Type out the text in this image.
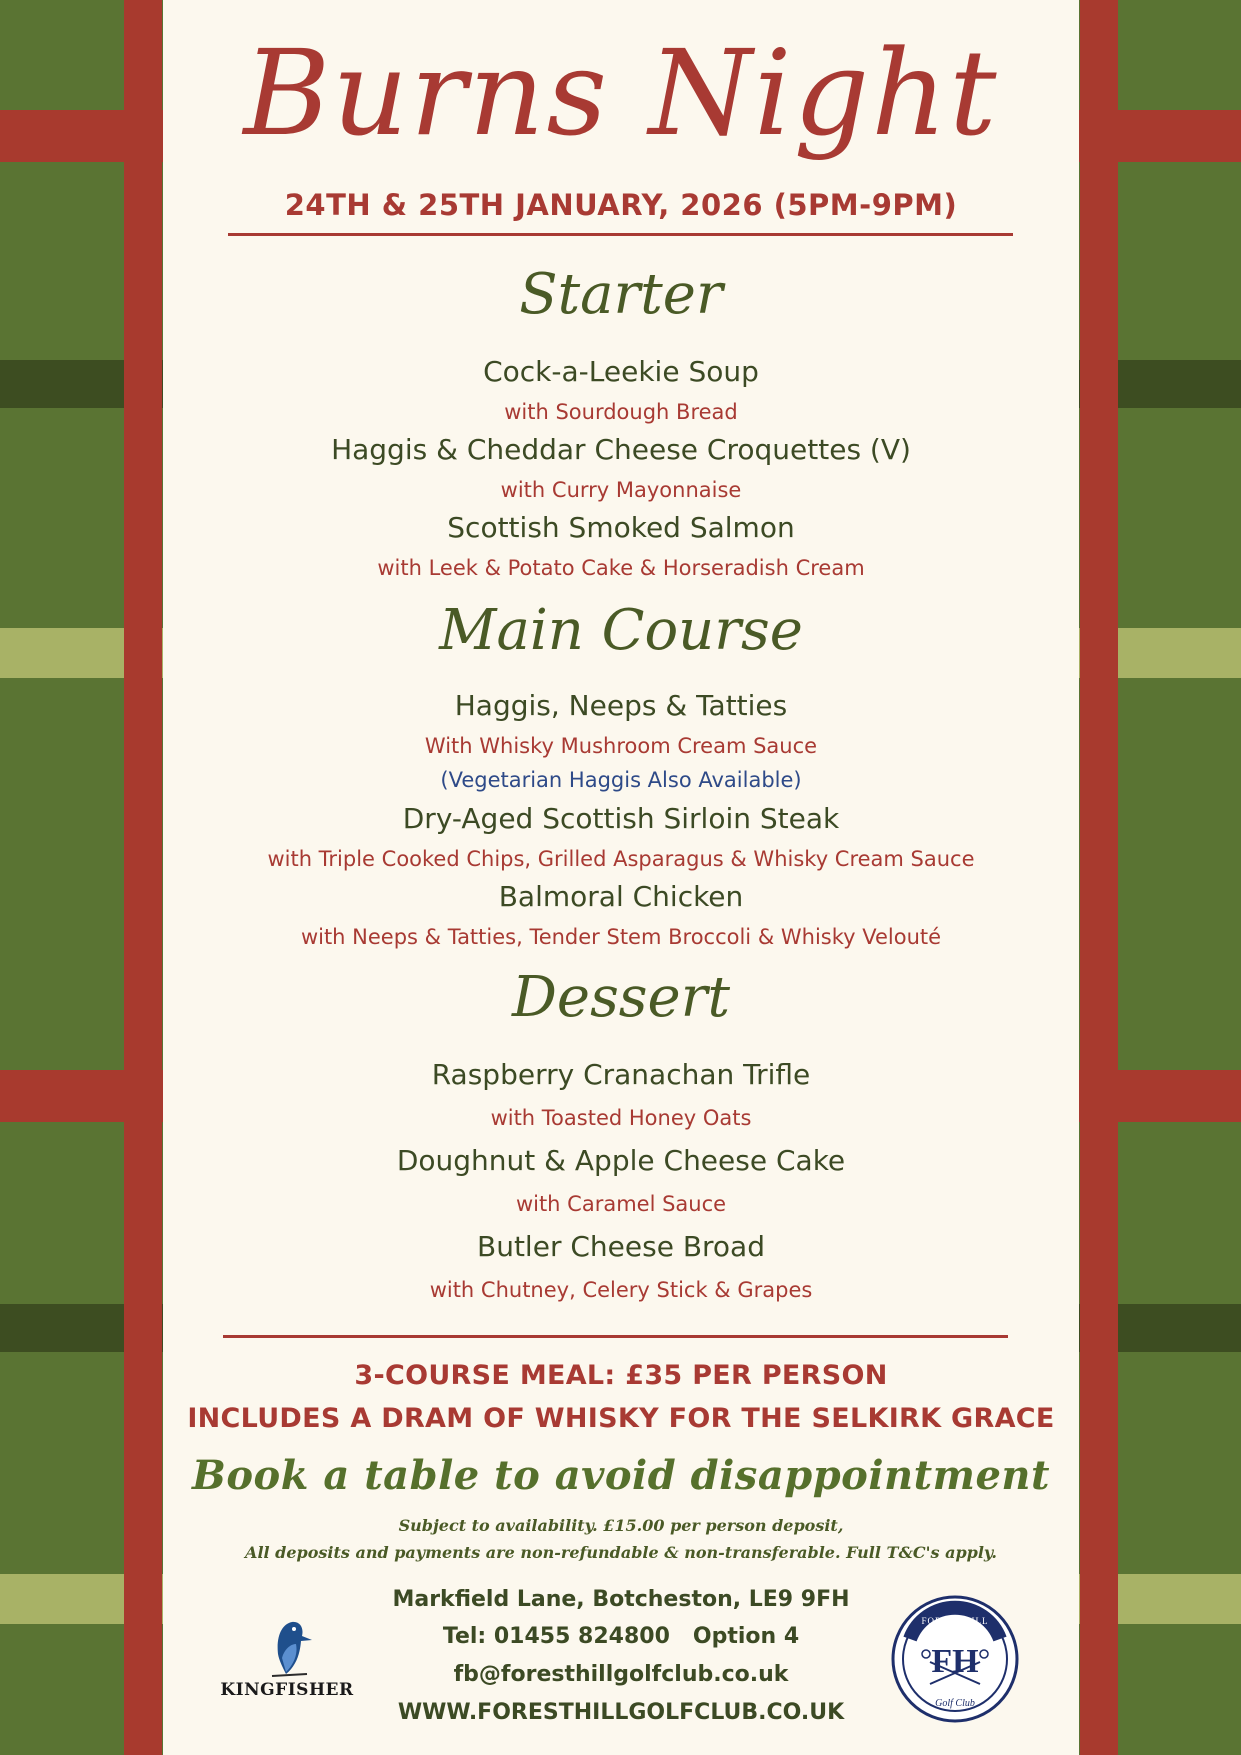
Burns Night
24TH & 25TH JANUARY, 2026 (5PM-9PM)
Starter
Cock-a-Leekie Soup
with Sourdough Bread
Haggis & Cheddar Cheese Croquettes (V)
with Curry Mayonnaise
Scottish Smoked Salmon
with Leek & Potato Cake & Horseradish Cream
Main Course
Haggis, Neeps & Tatties
With Whisky Mushroom Cream Sauce
(Vegetarian Haggis Also Available)
Dry-Aged Scottish Sirloin Steak
with Triple Cooked Chips, Grilled Asparagus & Whisky Cream Sauce
Balmoral Chicken
with Neeps & Tatties, Tender Stem Broccoli & Whisky Velouté
Dessert
Raspberry Cranachan Trifle
with Toasted Honey Oats
Doughnut & Apple Cheese Cake
with Caramel Sauce
Butler Cheese Broad
with Chutney, Celery Stick & Grapes
3-COURSE MEAL: £35 PER PERSON
INCLUDES A DRAM OF WHISKY FOR THE SELKIRK GRACE
Book a table to avoid disappointment
Subject to availability. £15.00 per person deposit,
All deposits and payments are non-refundable & non-transferable. Full T&C's apply.
Markfield Lane, Botcheston, LE9 9FH
Tel: 01455 824800   Option 4
fb@foresthillgolfclub.co.uk
WWW.FORESTHILLGOLFCLUB.CO.UK
KINGFISHER
FOREST HILL
FH
Golf Club
